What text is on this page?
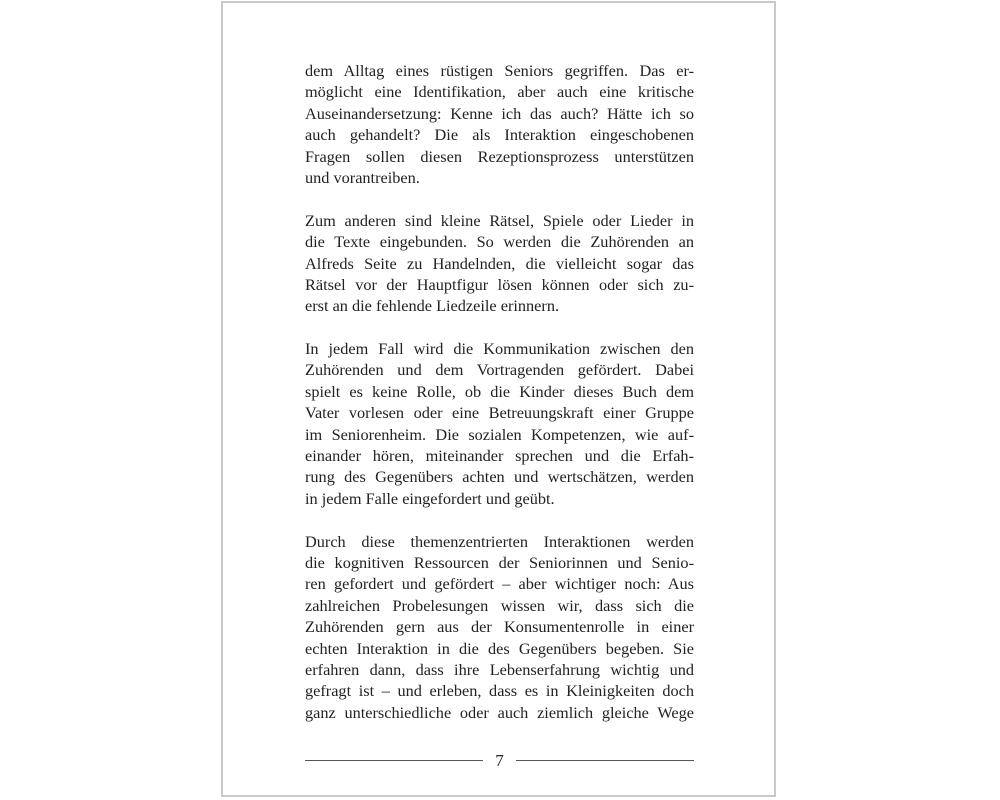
dem Alltag eines rüstigen Seniors gegriffen. Das er-
möglicht eine Identifikation, aber auch eine kritische
Auseinandersetzung: Kenne ich das auch? Hätte ich so
auch gehandelt? Die als Interaktion eingeschobenen
Fragen sollen diesen Rezeptionsprozess unterstützen
und vorantreiben.

Zum anderen sind kleine Rätsel, Spiele oder Lieder in
die Texte eingebunden. So werden die Zuhörenden an
Alfreds Seite zu Handelnden, die vielleicht sogar das
Rätsel vor der Hauptfigur lösen können oder sich zu-
erst an die fehlende Liedzeile erinnern.

In jedem Fall wird die Kommunikation zwischen den
Zuhörenden und dem Vortragenden gefördert. Dabei
spielt es keine Rolle, ob die Kinder dieses Buch dem
Vater vorlesen oder eine Betreuungskraft einer Gruppe
im Seniorenheim. Die sozialen Kompetenzen, wie auf-
einander hören, miteinander sprechen und die Erfah-
rung des Gegenübers achten und wertschätzen, werden
in jedem Falle eingefordert und geübt.

Durch diese themenzentrierten Interaktionen werden
die kognitiven Ressourcen der Seniorinnen und Senio-
ren gefordert und gefördert – aber wichtiger noch: Aus
zahlreichen Probelesungen wissen wir, dass sich die
Zuhörenden gern aus der Konsumentenrolle in einer
echten Interaktion in die des Gegenübers begeben. Sie
erfahren dann, dass ihre Lebenserfahrung wichtig und
gefragt ist – und erleben, dass es in Kleinigkeiten doch
ganz unterschiedliche oder auch ziemlich gleiche Wege

7
